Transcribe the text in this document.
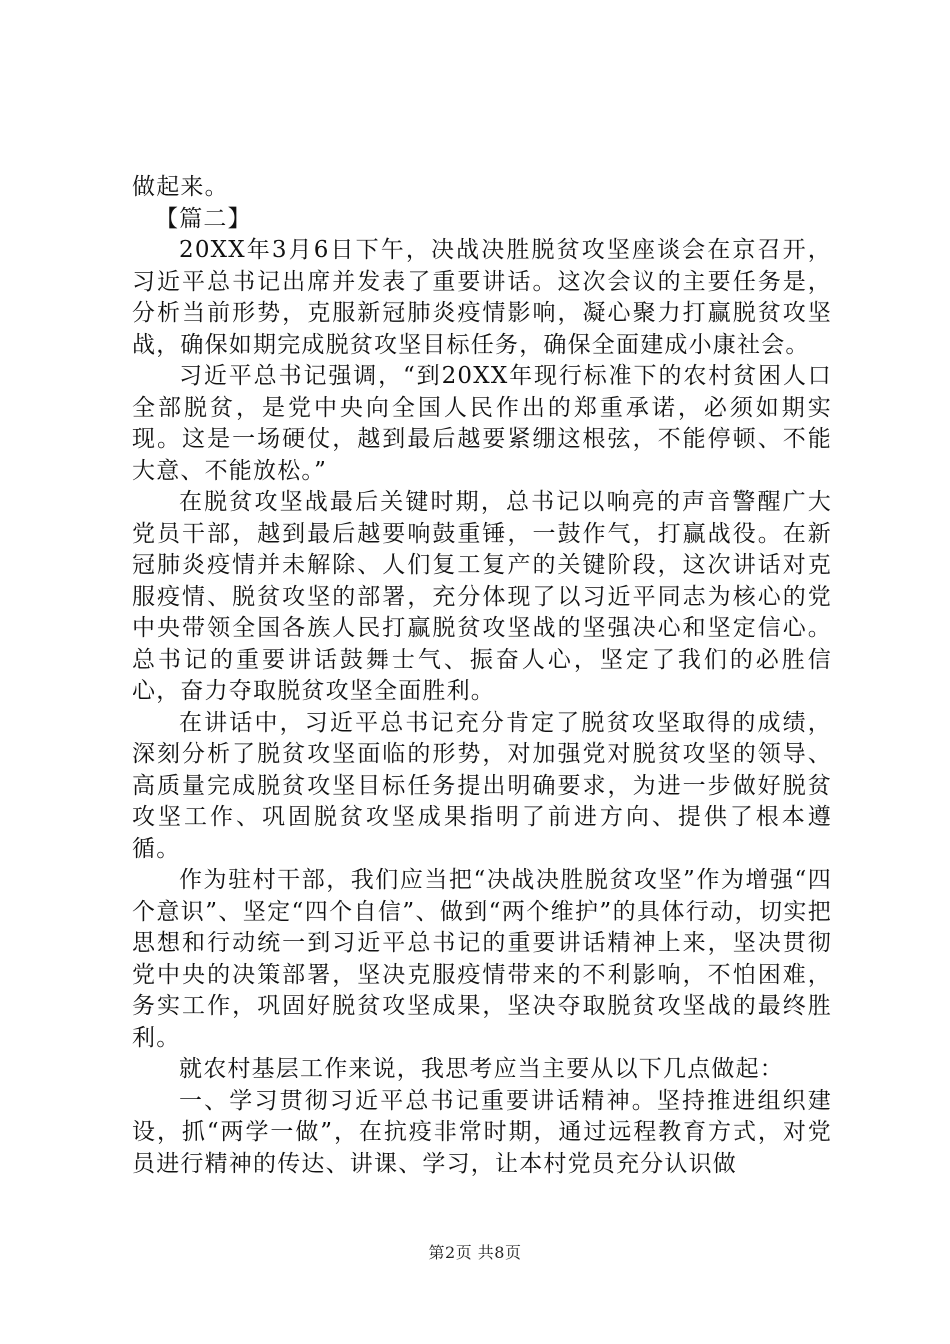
做起来。

【篇二】

20XX年3月6日下午，决战决胜脱贫攻坚座谈会在京召开，习近平总书记出席并发表了重要讲话。这次会议的主要任务是，分析当前形势，克服新冠肺炎疫情影响，凝心聚力打赢脱贫攻坚战，确保如期完成脱贫攻坚目标任务，确保全面建成小康社会。

习近平总书记强调，“到20XX年现行标准下的农村贫困人口全部脱贫，是党中央向全国人民作出的郑重承诺，必须如期实现。这是一场硬仗，越到最后越要紧绷这根弦，不能停顿、不能大意、不能放松。”

在脱贫攻坚战最后关键时期，总书记以响亮的声音警醒广大党员干部，越到最后越要响鼓重锤，一鼓作气，打赢战役。在新冠肺炎疫情并未解除、人们复工复产的关键阶段，这次讲话对克服疫情、脱贫攻坚的部署，充分体现了以习近平同志为核心的党中央带领全国各族人民打赢脱贫攻坚战的坚强决心和坚定信心。总书记的重要讲话鼓舞士气、振奋人心，坚定了我们的必胜信心，奋力夺取脱贫攻坚全面胜利。

在讲话中，习近平总书记充分肯定了脱贫攻坚取得的成绩，深刻分析了脱贫攻坚面临的形势，对加强党对脱贫攻坚的领导、高质量完成脱贫攻坚目标任务提出明确要求，为进一步做好脱贫攻坚工作、巩固脱贫攻坚成果指明了前进方向、提供了根本遵循。

作为驻村干部，我们应当把“决战决胜脱贫攻坚”作为增强“四个意识”、坚定“四个自信”、做到“两个维护”的具体行动，切实把思想和行动统一到习近平总书记的重要讲话精神上来，坚决贯彻党中央的决策部署，坚决克服疫情带来的不利影响，不怕困难，务实工作，巩固好脱贫攻坚成果，坚决夺取脱贫攻坚战的最终胜利。

就农村基层工作来说，我思考应当主要从以下几点做起：

一、学习贯彻习近平总书记重要讲话精神。坚持推进组织建设，抓“两学一做”，在抗疫非常时期，通过远程教育方式，对党员进行精神的传达、讲课、学习，让本村党员充分认识做

第2页 共8页
